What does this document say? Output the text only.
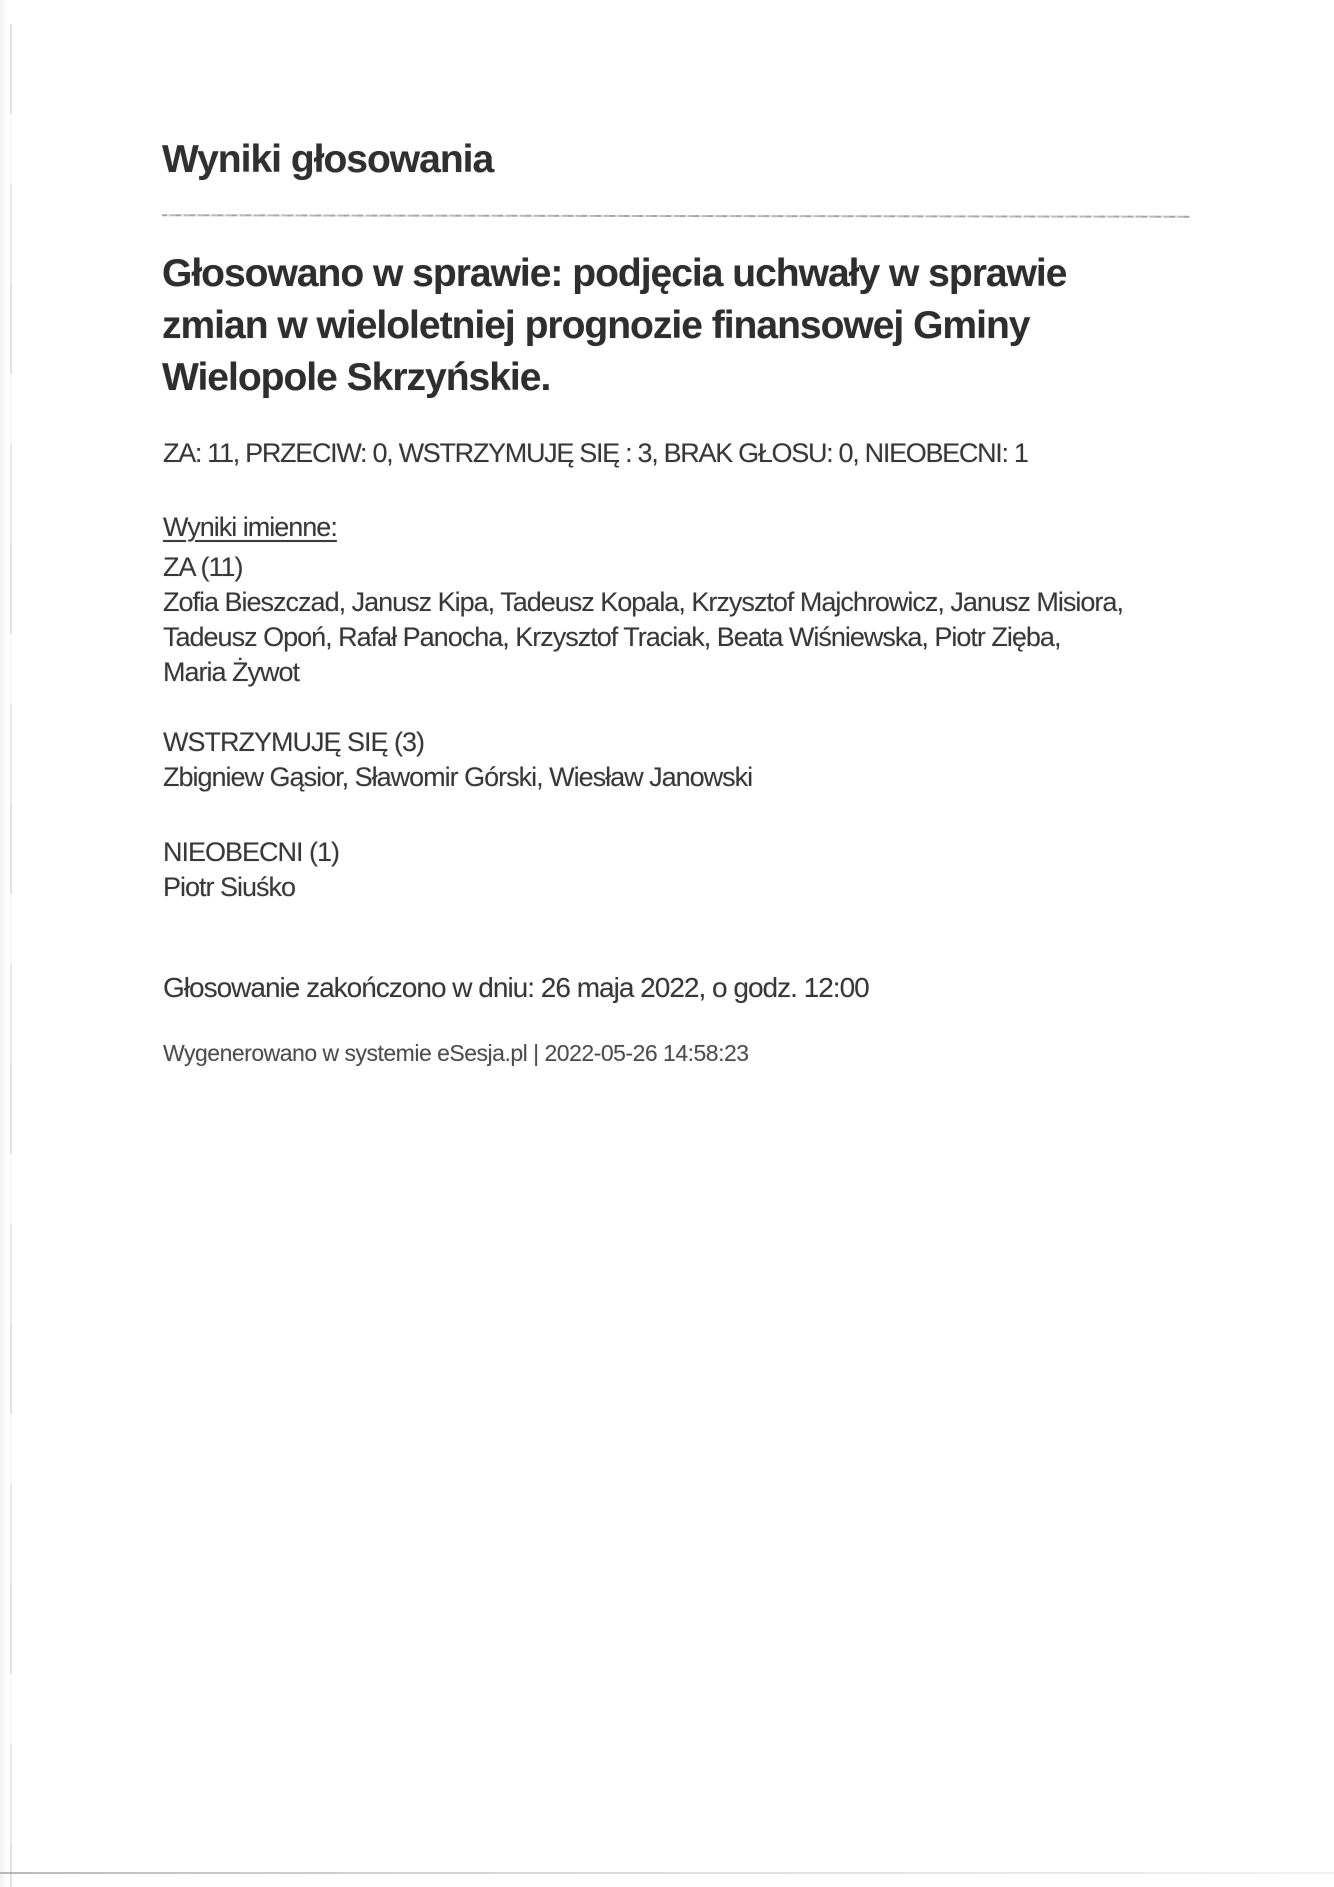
Wyniki głosowania
Głosowano w sprawie: podjęcia uchwały w sprawie
zmian w wieloletniej prognozie finansowej Gminy
Wielopole Skrzyńskie.
ZA: 11, PRZECIW: 0, WSTRZYMUJĘ SIĘ : 3, BRAK GŁOSU: 0, NIEOBECNI: 1
Wyniki imienne:
ZA (11)
Zofia Bieszczad, Janusz Kipa, Tadeusz Kopala, Krzysztof Majchrowicz, Janusz Misiora,
Tadeusz Opoń, Rafał Panocha, Krzysztof Traciak, Beata Wiśniewska, Piotr Zięba,
Maria Żywot
WSTRZYMUJĘ SIĘ (3)
Zbigniew Gąsior, Sławomir Górski, Wiesław Janowski
NIEOBECNI (1)
Piotr Siuśko
Głosowanie zakończono w dniu: 26 maja 2022, o godz. 12:00
Wygenerowano w systemie eSesja.pl | 2022-05-26 14:58:23
